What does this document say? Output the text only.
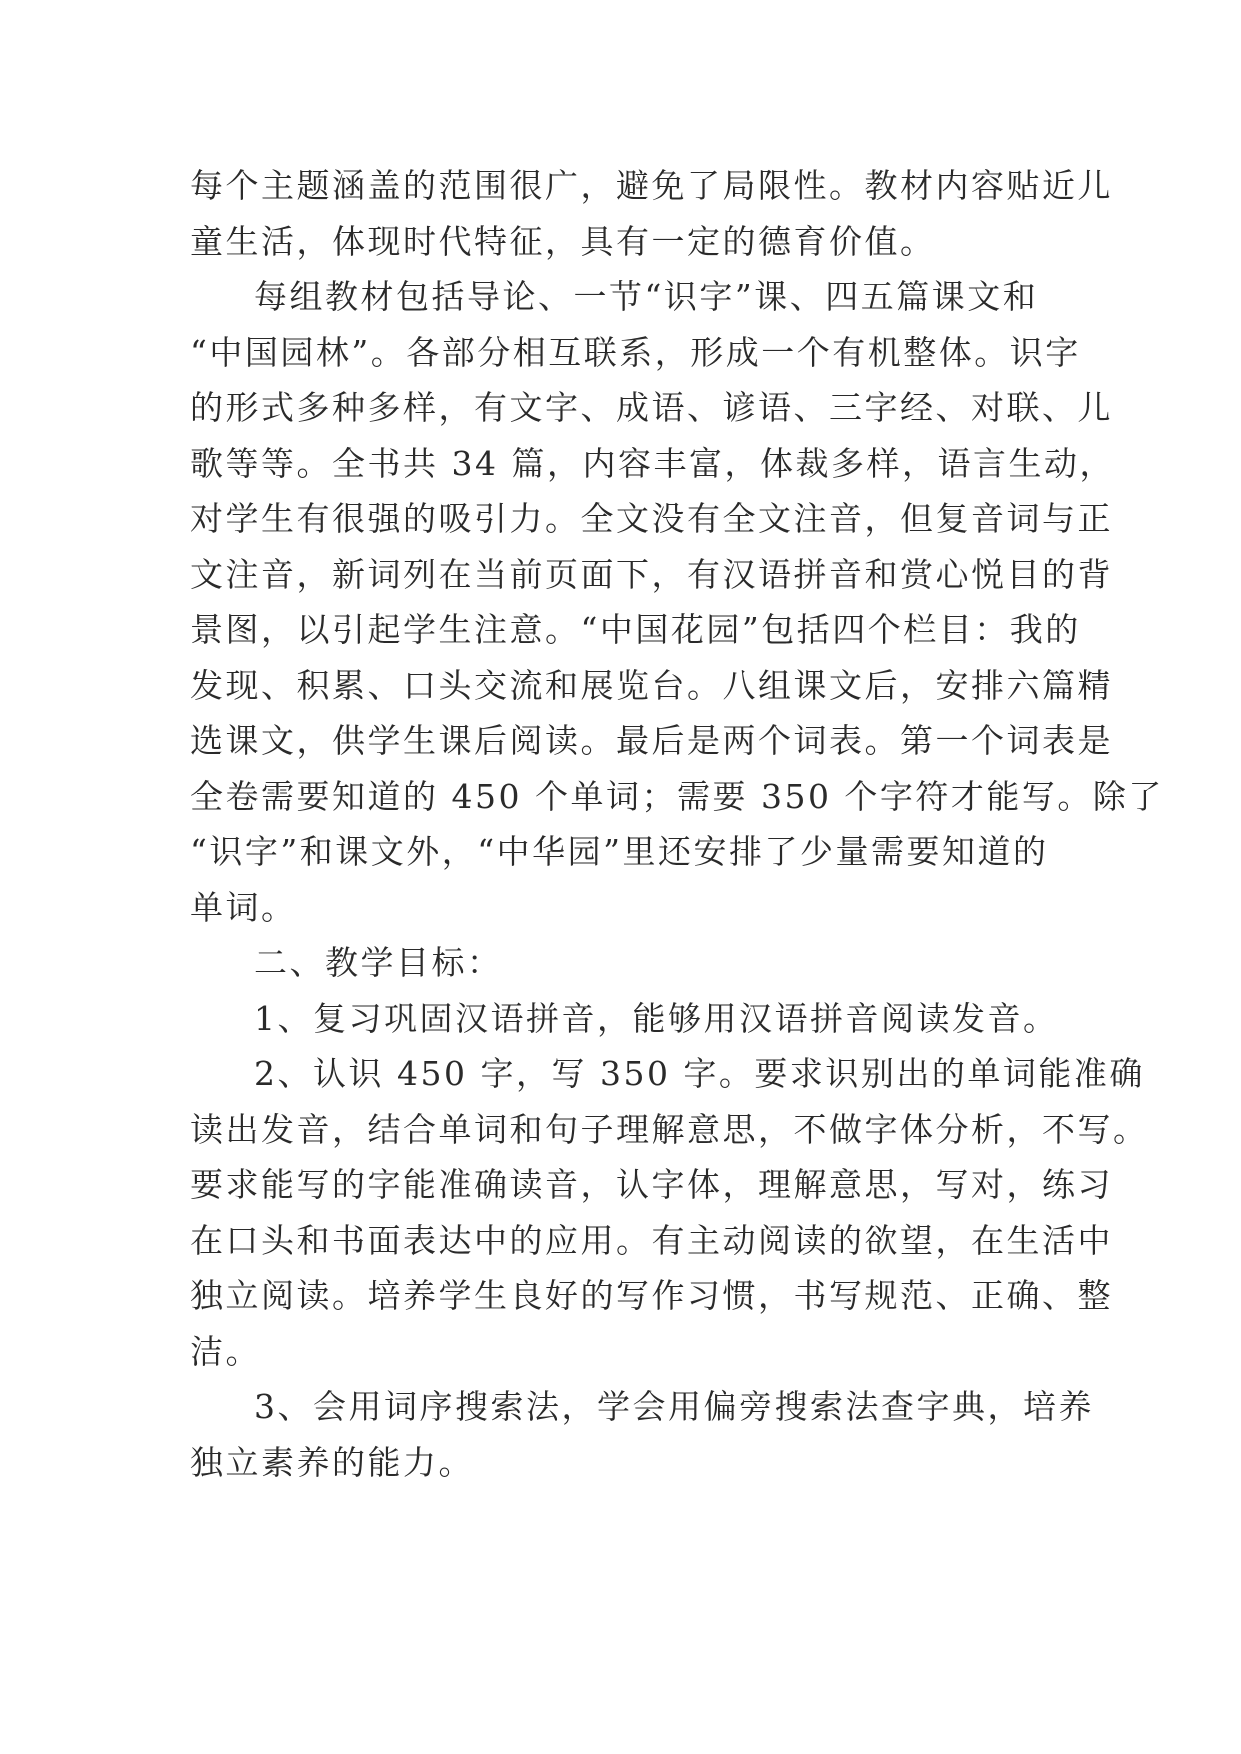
每个主题涵盖的范围很广，避免了局限性。教材内容贴近儿
童生活，体现时代特征，具有一定的德育价值。
每组教材包括导论、一节“识字”课、四五篇课文和
“中国园林”。各部分相互联系，形成一个有机整体。识字
的形式多种多样，有文字、成语、谚语、三字经、对联、儿
歌等等。全书共 34 篇，内容丰富，体裁多样，语言生动，
对学生有很强的吸引力。全文没有全文注音，但复音词与正
文注音，新词列在当前页面下，有汉语拼音和赏心悦目的背
景图，以引起学生注意。“中国花园”包括四个栏目：我的
发现、积累、口头交流和展览台。八组课文后，安排六篇精
选课文，供学生课后阅读。最后是两个词表。第一个词表是
全卷需要知道的 450 个单词；需要 350 个字符才能写。除了
“识字”和课文外，“中华园”里还安排了少量需要知道的
单词。
二、教学目标：
1、复习巩固汉语拼音，能够用汉语拼音阅读发音。
2、认识 450 字，写 350 字。要求识别出的单词能准确
读出发音，结合单词和句子理解意思，不做字体分析，不写。
要求能写的字能准确读音，认字体，理解意思，写对，练习
在口头和书面表达中的应用。有主动阅读的欲望，在生活中
独立阅读。培养学生良好的写作习惯，书写规范、正确、整
洁。
3、会用词序搜索法，学会用偏旁搜索法查字典，培养
独立素养的能力。
